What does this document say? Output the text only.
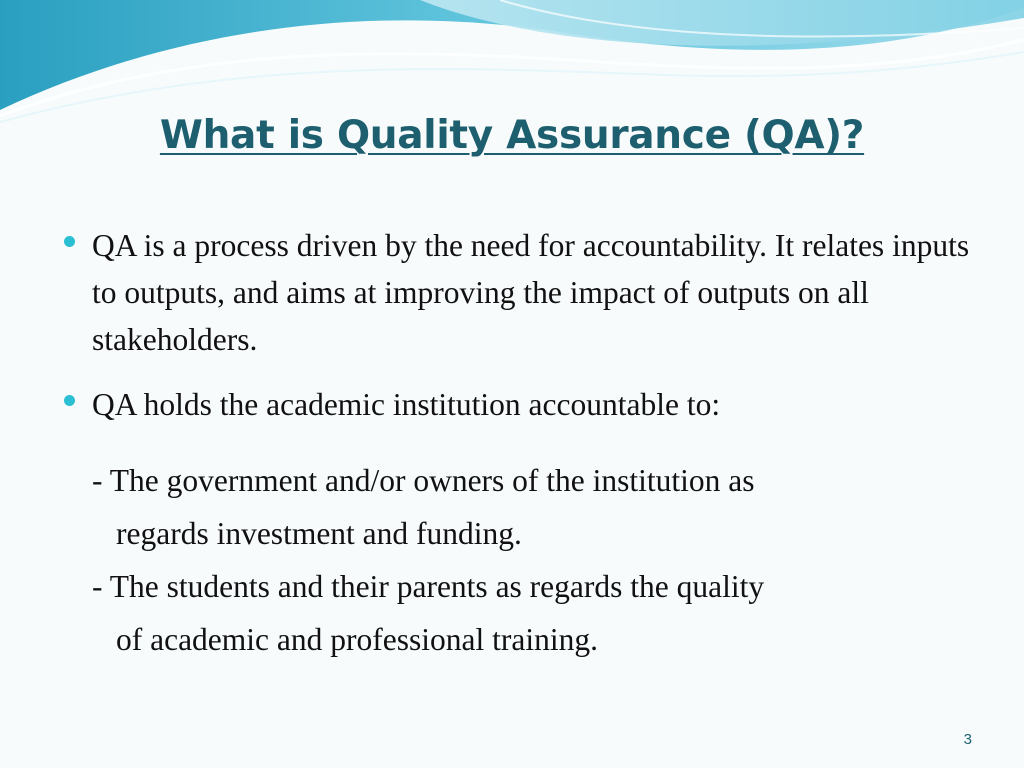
What is Quality Assurance (QA)?
QA is a process driven by the need for accountability. It relates inputs to outputs, and aims at improving the impact of outputs on all stakeholders.
QA holds the academic institution accountable to:
- The government and/or owners of the institution as
regards investment and funding.
- The students and their parents as regards the quality
of academic and professional training.
3
